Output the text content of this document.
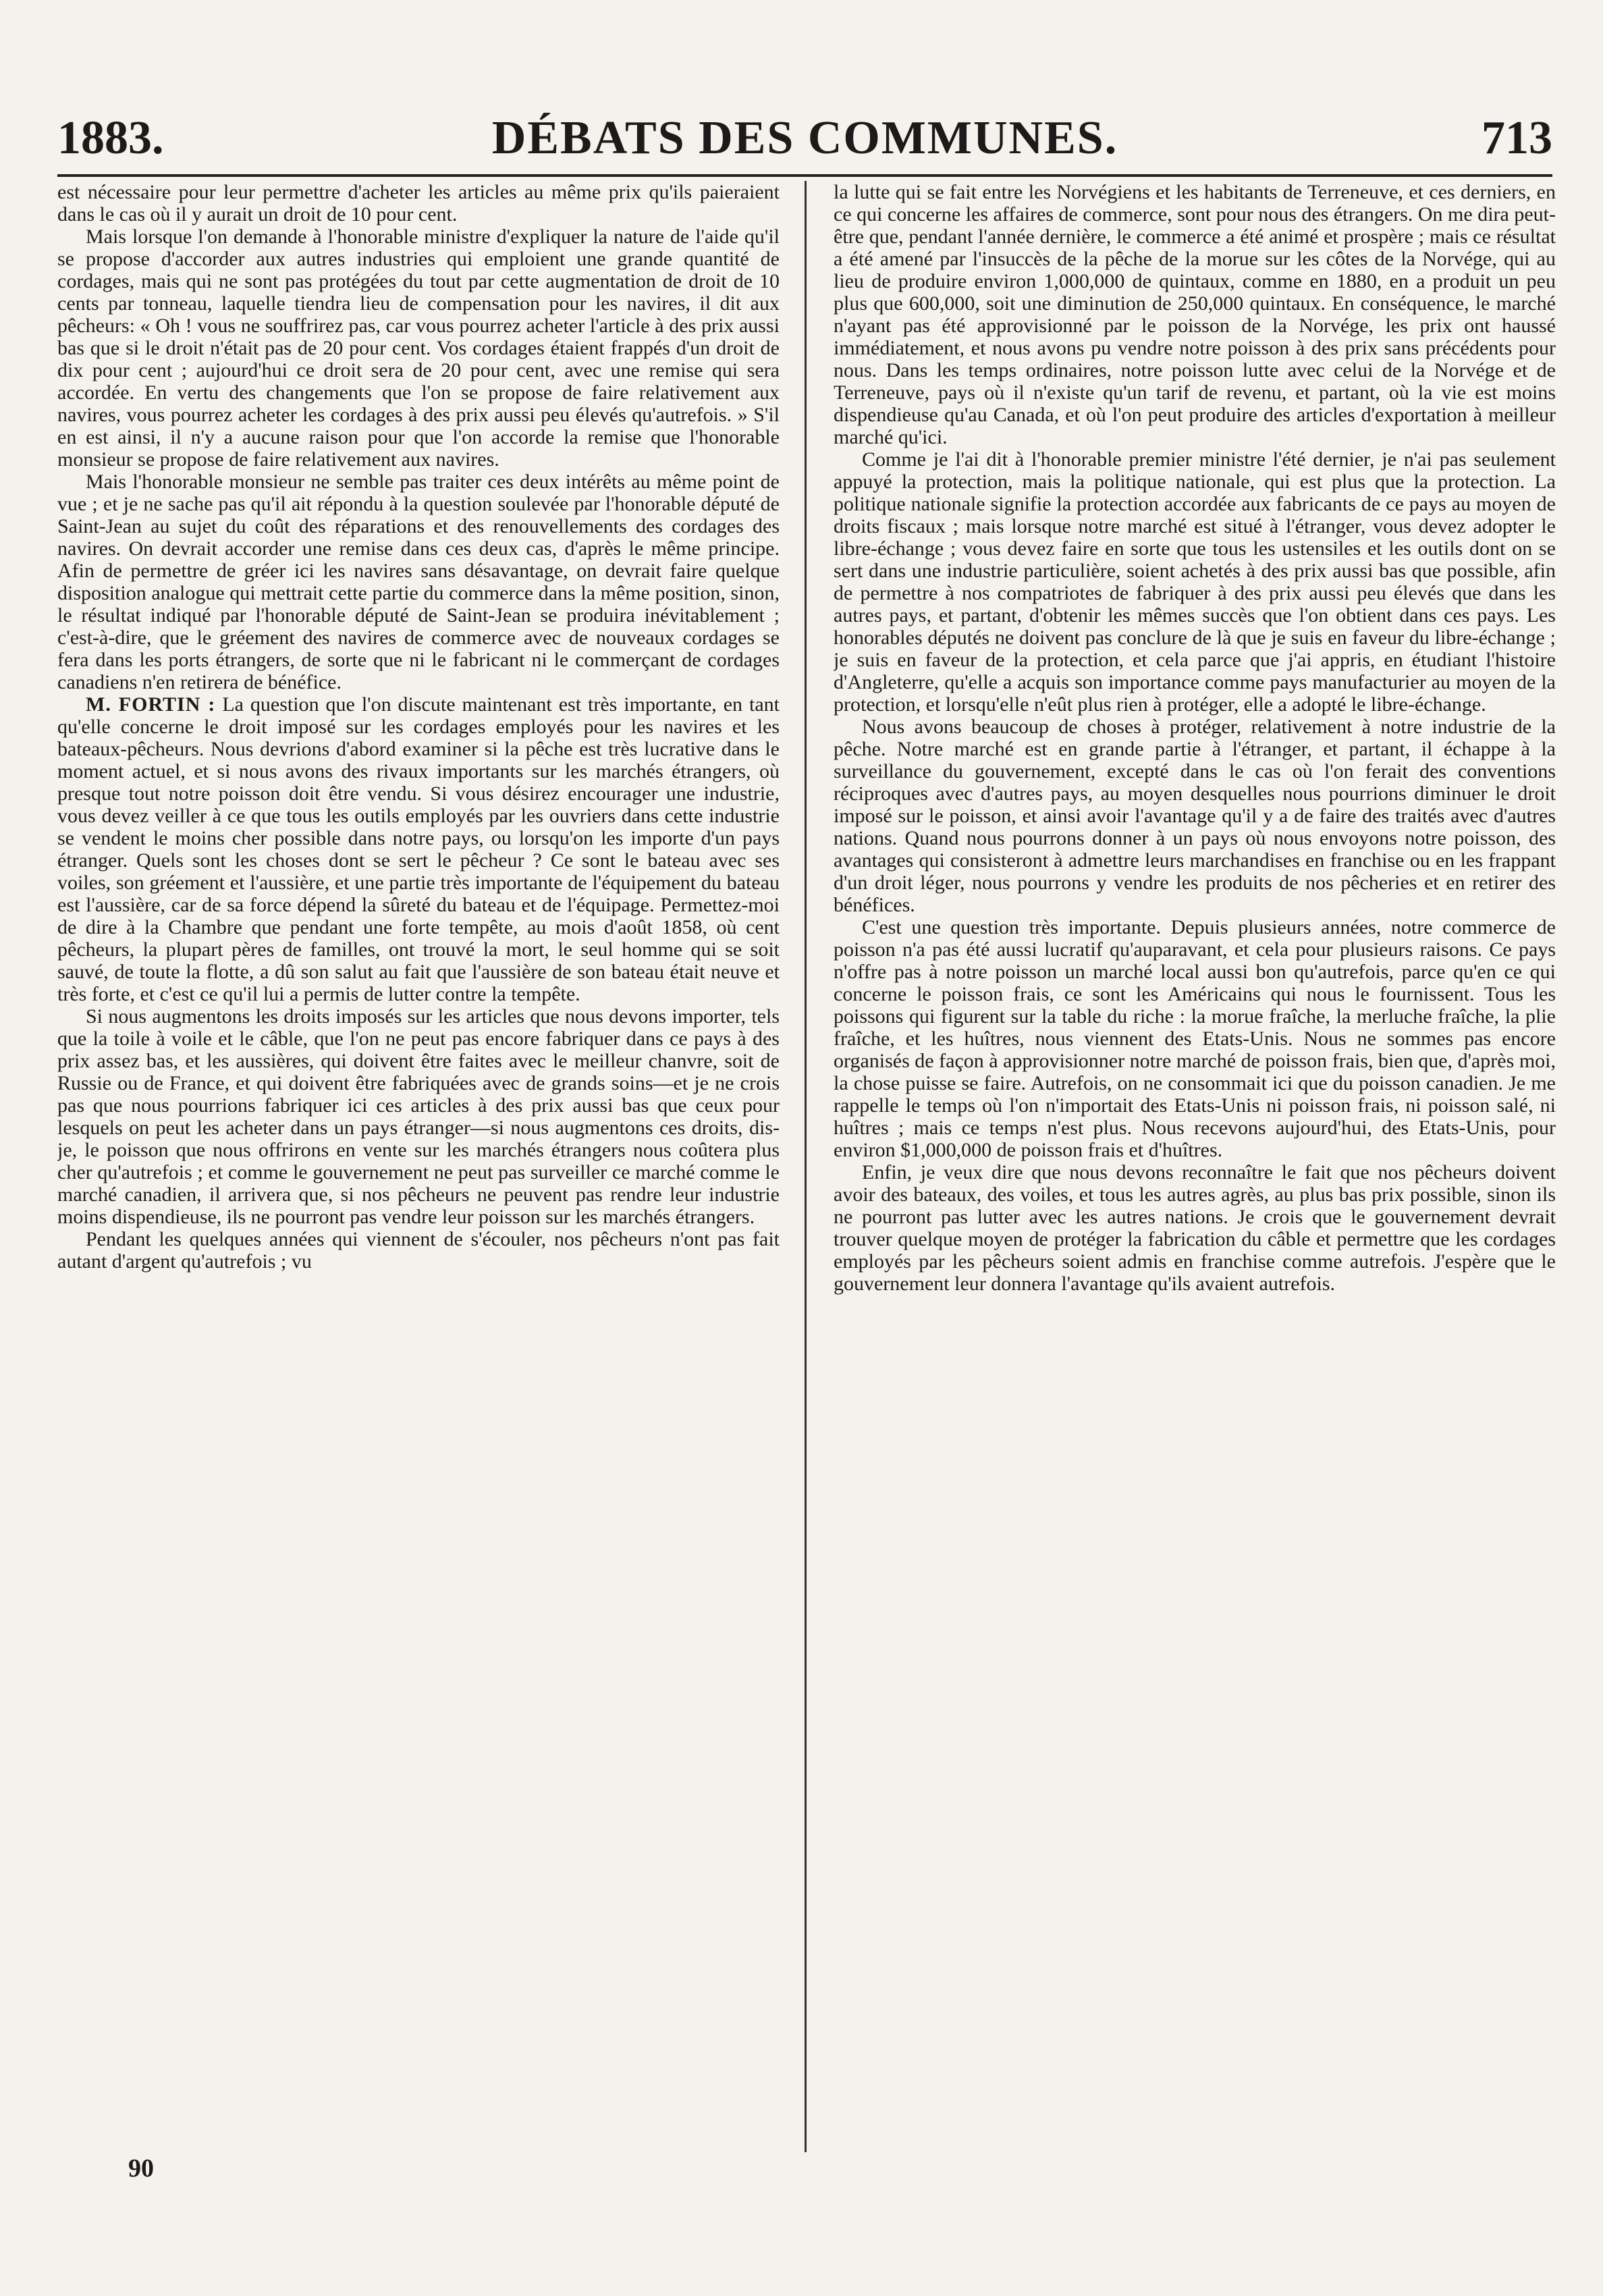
1883.	DÉBATS DES COMMUNES.	713

est nécessaire pour leur permettre d'acheter les articles au même prix qu'ils paieraient dans le cas où il y aurait un droit de 10 pour cent.

Mais lorsque l'on demande à l'honorable ministre d'expliquer la nature de l'aide qu'il se propose d'accorder aux autres industries qui emploient une grande quantité de cordages, mais qui ne sont pas protégées du tout par cette augmentation de droit de 10 cents par tonneau, laquelle tiendra lieu de compensation pour les navires, il dit aux pêcheurs: « Oh ! vous ne souffrirez pas, car vous pourrez acheter l'article à des prix aussi bas que si le droit n'était pas de 20 pour cent. Vos cordages étaient frappés d'un droit de dix pour cent ; aujourd'hui ce droit sera de 20 pour cent, avec une remise qui sera accordée. En vertu des changements que l'on se propose de faire relativement aux navires, vous pourrez acheter les cordages à des prix aussi peu élevés qu'autrefois. » S'il en est ainsi, il n'y a aucune raison pour que l'on accorde la remise que l'honorable monsieur se propose de faire relativement aux navires.

Mais l'honorable monsieur ne semble pas traiter ces deux intérêts au même point de vue ; et je ne sache pas qu'il ait répondu à la question soulevée par l'honorable député de Saint-Jean au sujet du coût des réparations et des renouvellements des cordages des navires. On devrait accorder une remise dans ces deux cas, d'après le même principe. Afin de permettre de gréer ici les navires sans désavantage, on devrait faire quelque disposition analogue qui mettrait cette partie du commerce dans la même position, sinon, le résultat indiqué par l'honorable député de Saint-Jean se produira inévitablement ; c'est-à-dire, que le gréement des navires de commerce avec de nouveaux cordages se fera dans les ports étrangers, de sorte que ni le fabricant ni le commerçant de cordages canadiens n'en retirera de bénéfice.

M. FORTIN : La question que l'on discute maintenant est très importante, en tant qu'elle concerne le droit imposé sur les cordages employés pour les navires et les bateaux-pêcheurs. Nous devrions d'abord examiner si la pêche est très lucrative dans le moment actuel, et si nous avons des rivaux importants sur les marchés étrangers, où presque tout notre poisson doit être vendu. Si vous désirez encourager une industrie, vous devez veiller à ce que tous les outils employés par les ouvriers dans cette industrie se vendent le moins cher possible dans notre pays, ou lorsqu'on les importe d'un pays étranger. Quels sont les choses dont se sert le pêcheur ? Ce sont le bateau avec ses voiles, son gréement et l'aussière, et une partie très importante de l'équipement du bateau est l'aussière, car de sa force dépend la sûreté du bateau et de l'équipage. Permettez-moi de dire à la Chambre que pendant une forte tempête, au mois d'août 1858, où cent pêcheurs, la plupart pères de familles, ont trouvé la mort, le seul homme qui se soit sauvé, de toute la flotte, a dû son salut au fait que l'aussière de son bateau était neuve et très forte, et c'est ce qu'il lui a permis de lutter contre la tempête.

Si nous augmentons les droits imposés sur les articles que nous devons importer, tels que la toile à voile et le câble, que l'on ne peut pas encore fabriquer dans ce pays à des prix assez bas, et les aussières, qui doivent être faites avec le meilleur chanvre, soit de Russie ou de France, et qui doivent être fabriquées avec de grands soins—et je ne crois pas que nous pourrions fabriquer ici ces articles à des prix aussi bas que ceux pour lesquels on peut les acheter dans un pays étranger—si nous augmentons ces droits, dis-je, le poisson que nous offrirons en vente sur les marchés étrangers nous coûtera plus cher qu'autrefois ; et comme le gouvernement ne peut pas surveiller ce marché comme le marché canadien, il arrivera que, si nos pêcheurs ne peuvent pas rendre leur industrie moins dispendieuse, ils ne pourront pas vendre leur poisson sur les marchés étrangers.

Pendant les quelques années qui viennent de s'écouler, nos pêcheurs n'ont pas fait autant d'argent qu'autrefois ; vu

la lutte qui se fait entre les Norvégiens et les habitants de Terreneuve, et ces derniers, en ce qui concerne les affaires de commerce, sont pour nous des étrangers. On me dira peut-être que, pendant l'année dernière, le commerce a été animé et prospère ; mais ce résultat a été amené par l'insuccès de la pêche de la morue sur les côtes de la Norvége, qui au lieu de produire environ 1,000,000 de quintaux, comme en 1880, en a produit un peu plus que 600,000, soit une diminution de 250,000 quintaux. En conséquence, le marché n'ayant pas été approvisionné par le poisson de la Norvége, les prix ont haussé immédiatement, et nous avons pu vendre notre poisson à des prix sans précédents pour nous. Dans les temps ordinaires, notre poisson lutte avec celui de la Norvége et de Terreneuve, pays où il n'existe qu'un tarif de revenu, et partant, où la vie est moins dispendieuse qu'au Canada, et où l'on peut produire des articles d'exportation à meilleur marché qu'ici.

Comme je l'ai dit à l'honorable premier ministre l'été dernier, je n'ai pas seulement appuyé la protection, mais la politique nationale, qui est plus que la protection. La politique nationale signifie la protection accordée aux fabricants de ce pays au moyen de droits fiscaux ; mais lorsque notre marché est situé à l'étranger, vous devez adopter le libre-échange ; vous devez faire en sorte que tous les ustensiles et les outils dont on se sert dans une industrie particulière, soient achetés à des prix aussi bas que possible, afin de permettre à nos compatriotes de fabriquer à des prix aussi peu élevés que dans les autres pays, et partant, d'obtenir les mêmes succès que l'on obtient dans ces pays. Les honorables députés ne doivent pas conclure de là que je suis en faveur du libre-échange ; je suis en faveur de la protection, et cela parce que j'ai appris, en étudiant l'histoire d'Angleterre, qu'elle a acquis son importance comme pays manufacturier au moyen de la protection, et lorsqu'elle n'eût plus rien à protéger, elle a adopté le libre-échange.

Nous avons beaucoup de choses à protéger, relativement à notre industrie de la pêche. Notre marché est en grande partie à l'étranger, et partant, il échappe à la surveillance du gouvernement, excepté dans le cas où l'on ferait des conventions réciproques avec d'autres pays, au moyen desquelles nous pourrions diminuer le droit imposé sur le poisson, et ainsi avoir l'avantage qu'il y a de faire des traités avec d'autres nations. Quand nous pourrons donner à un pays où nous envoyons notre poisson, des avantages qui consisteront à admettre leurs marchandises en franchise ou en les frappant d'un droit léger, nous pourrons y vendre les produits de nos pêcheries et en retirer des bénéfices.

C'est une question très importante. Depuis plusieurs années, notre commerce de poisson n'a pas été aussi lucratif qu'auparavant, et cela pour plusieurs raisons. Ce pays n'offre pas à notre poisson un marché local aussi bon qu'autrefois, parce qu'en ce qui concerne le poisson frais, ce sont les Américains qui nous le fournissent. Tous les poissons qui figurent sur la table du riche : la morue fraîche, la merluche fraîche, la plie fraîche, et les huîtres, nous viennent des Etats-Unis. Nous ne sommes pas encore organisés de façon à approvisionner notre marché de poisson frais, bien que, d'après moi, la chose puisse se faire. Autrefois, on ne consommait ici que du poisson canadien. Je me rappelle le temps où l'on n'importait des Etats-Unis ni poisson frais, ni poisson salé, ni huîtres ; mais ce temps n'est plus. Nous recevons aujourd'hui, des Etats-Unis, pour environ $1,000,000 de poisson frais et d'huîtres.

Enfin, je veux dire que nous devons reconnaître le fait que nos pêcheurs doivent avoir des bateaux, des voiles, et tous les autres agrès, au plus bas prix possible, sinon ils ne pourront pas lutter avec les autres nations. Je crois que le gouvernement devrait trouver quelque moyen de protéger la fabrication du câble et permettre que les cordages employés par les pêcheurs soient admis en franchise comme autrefois. J'espère que le gouvernement leur donnera l'avantage qu'ils avaient autrefois.

90
